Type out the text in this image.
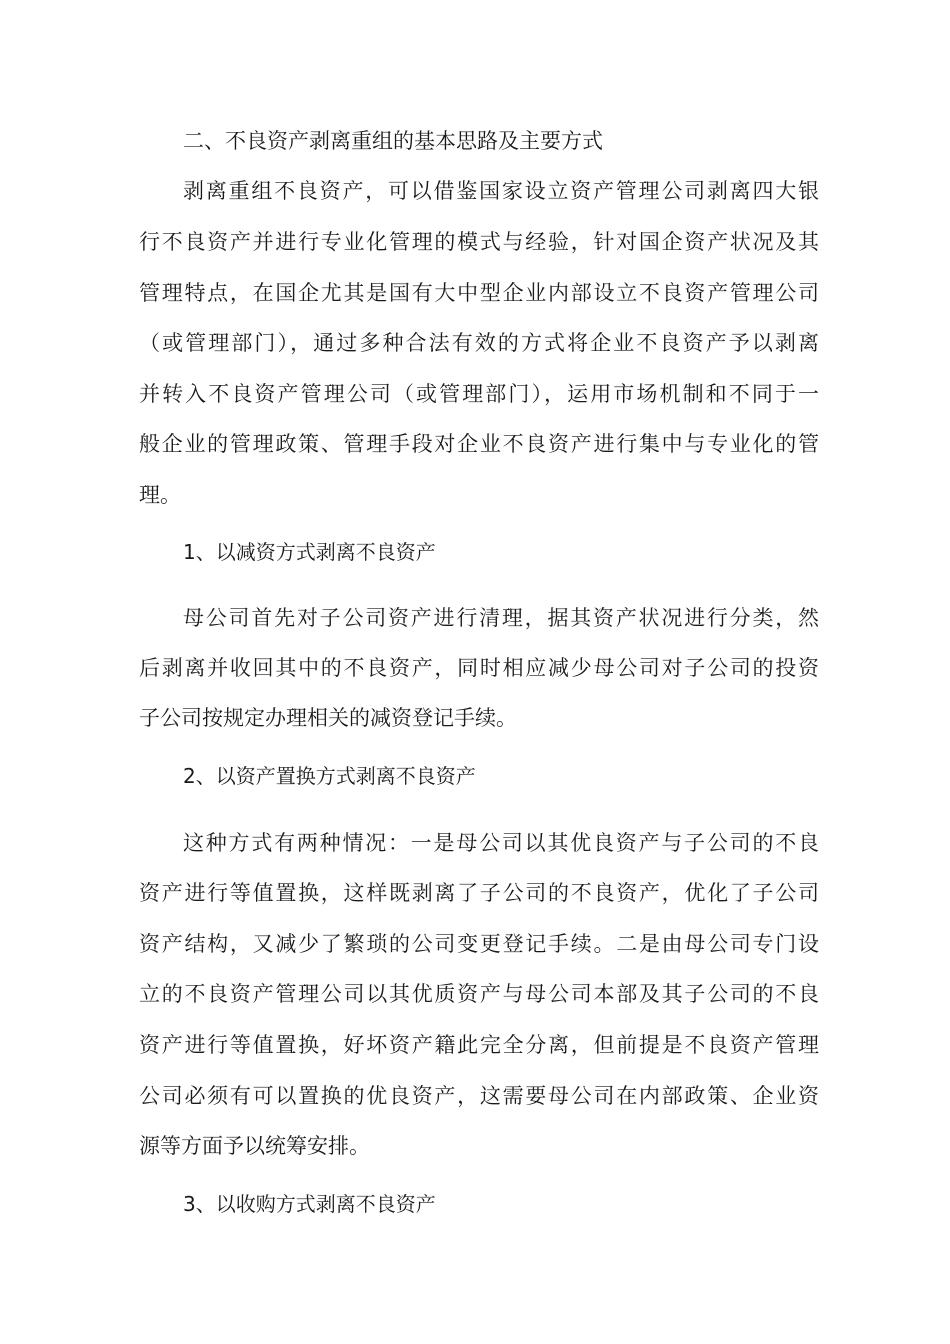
二、不良资产剥离重组的基本思路及主要方式
剥离重组不良资产，可以借鉴国家设立资产管理公司剥离四大银
行不良资产并进行专业化管理的模式与经验，针对国企资产状况及其
管理特点，在国企尤其是国有大中型企业内部设立不良资产管理公司
（或管理部门），通过多种合法有效的方式将企业不良资产予以剥离
并转入不良资产管理公司（或管理部门），运用市场机制和不同于一
般企业的管理政策、管理手段对企业不良资产进行集中与专业化的管
理。
1、以减资方式剥离不良资产
母公司首先对子公司资产进行清理，据其资产状况进行分类，然
后剥离并收回其中的不良资产，同时相应减少母公司对子公司的投资
子公司按规定办理相关的减资登记手续。
2、以资产置换方式剥离不良资产
这种方式有两种情况：一是母公司以其优良资产与子公司的不良
资产进行等值置换，这样既剥离了子公司的不良资产，优化了子公司
资产结构，又减少了繁琐的公司变更登记手续。二是由母公司专门设
立的不良资产管理公司以其优质资产与母公司本部及其子公司的不良
资产进行等值置换，好坏资产籍此完全分离，但前提是不良资产管理
公司必须有可以置换的优良资产，这需要母公司在内部政策、企业资
源等方面予以统筹安排。
3、以收购方式剥离不良资产
